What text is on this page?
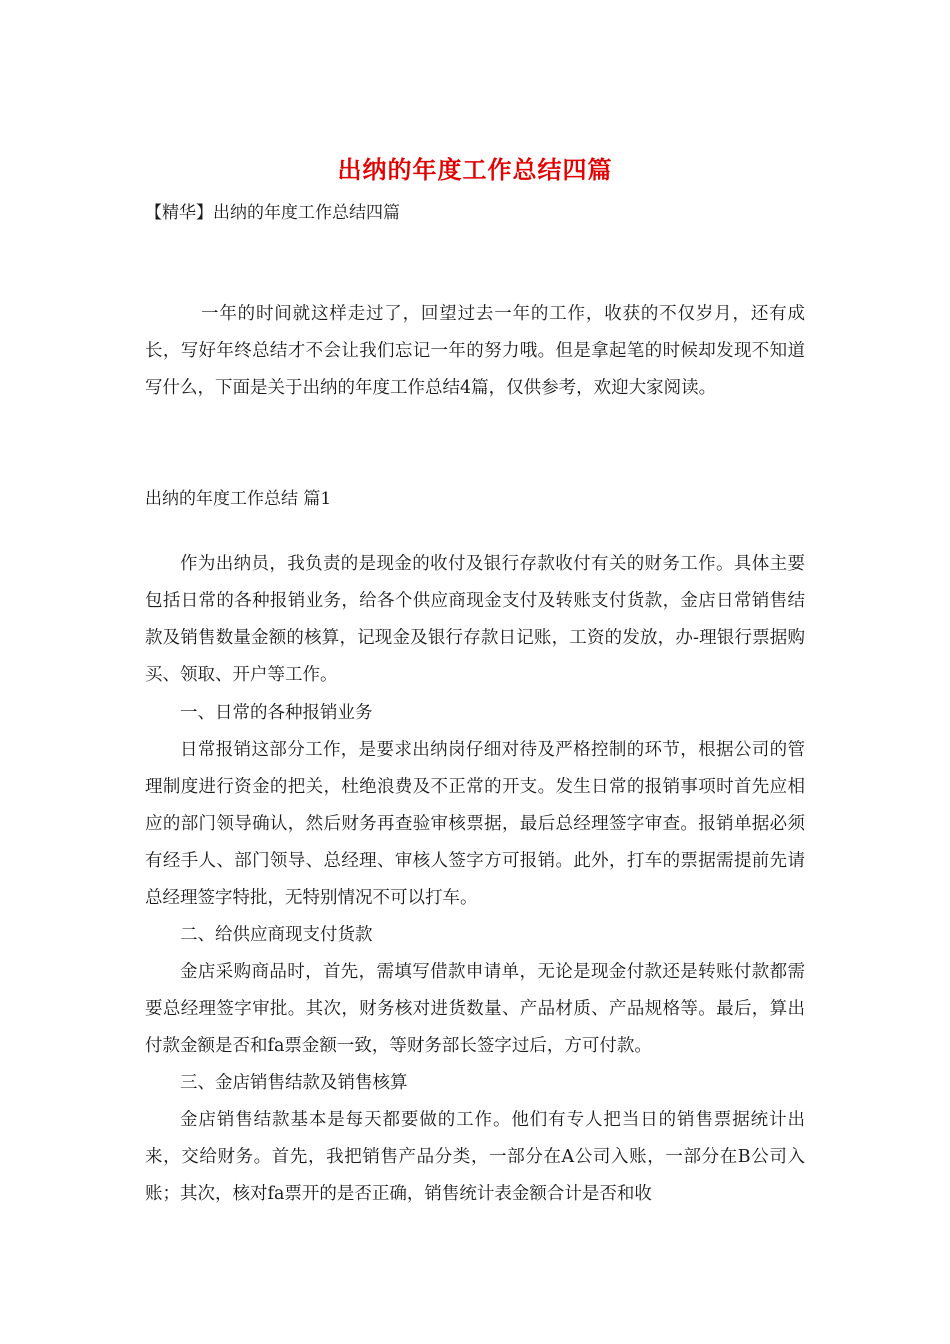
出纳的年度工作总结四篇

【精华】出纳的年度工作总结四篇

一年的时间就这样走过了，回望过去一年的工作，收获的不仅岁月，还有成长，写好年终总结才不会让我们忘记一年的努力哦。但是拿起笔的时候却发现不知道写什么，下面是关于出纳的年度工作总结4篇，仅供参考，欢迎大家阅读。

出纳的年度工作总结 篇1

作为出纳员，我负责的是现金的收付及银行存款收付有关的财务工作。具体主要包括日常的各种报销业务，给各个供应商现金支付及转账支付货款，金店日常销售结款及销售数量金额的核算，记现金及银行存款日记账，工资的发放，办-理银行票据购买、领取、开户等工作。

一、日常的各种报销业务

日常报销这部分工作，是要求出纳岗仔细对待及严格控制的环节，根据公司的管理制度进行资金的把关，杜绝浪费及不正常的开支。发生日常的报销事项时首先应相应的部门领导确认，然后财务再查验审核票据，最后总经理签字审查。报销单据必须有经手人、部门领导、总经理、审核人签字方可报销。此外，打车的票据需提前先请总经理签字特批，无特别情况不可以打车。

二、给供应商现支付货款

金店采购商品时，首先，需填写借款申请单，无论是现金付款还是转账付款都需要总经理签字审批。其次，财务核对进货数量、产品材质、产品规格等。最后，算出付款金额是否和fa票金额一致，等财务部长签字过后，方可付款。

三、金店销售结款及销售核算

金店销售结款基本是每天都要做的工作。他们有专人把当日的销售票据统计出来，交给财务。首先，我把销售产品分类，一部分在A公司入账，一部分在B公司入账；其次，核对fa票开的是否正确，销售统计表金额合计是否和收
